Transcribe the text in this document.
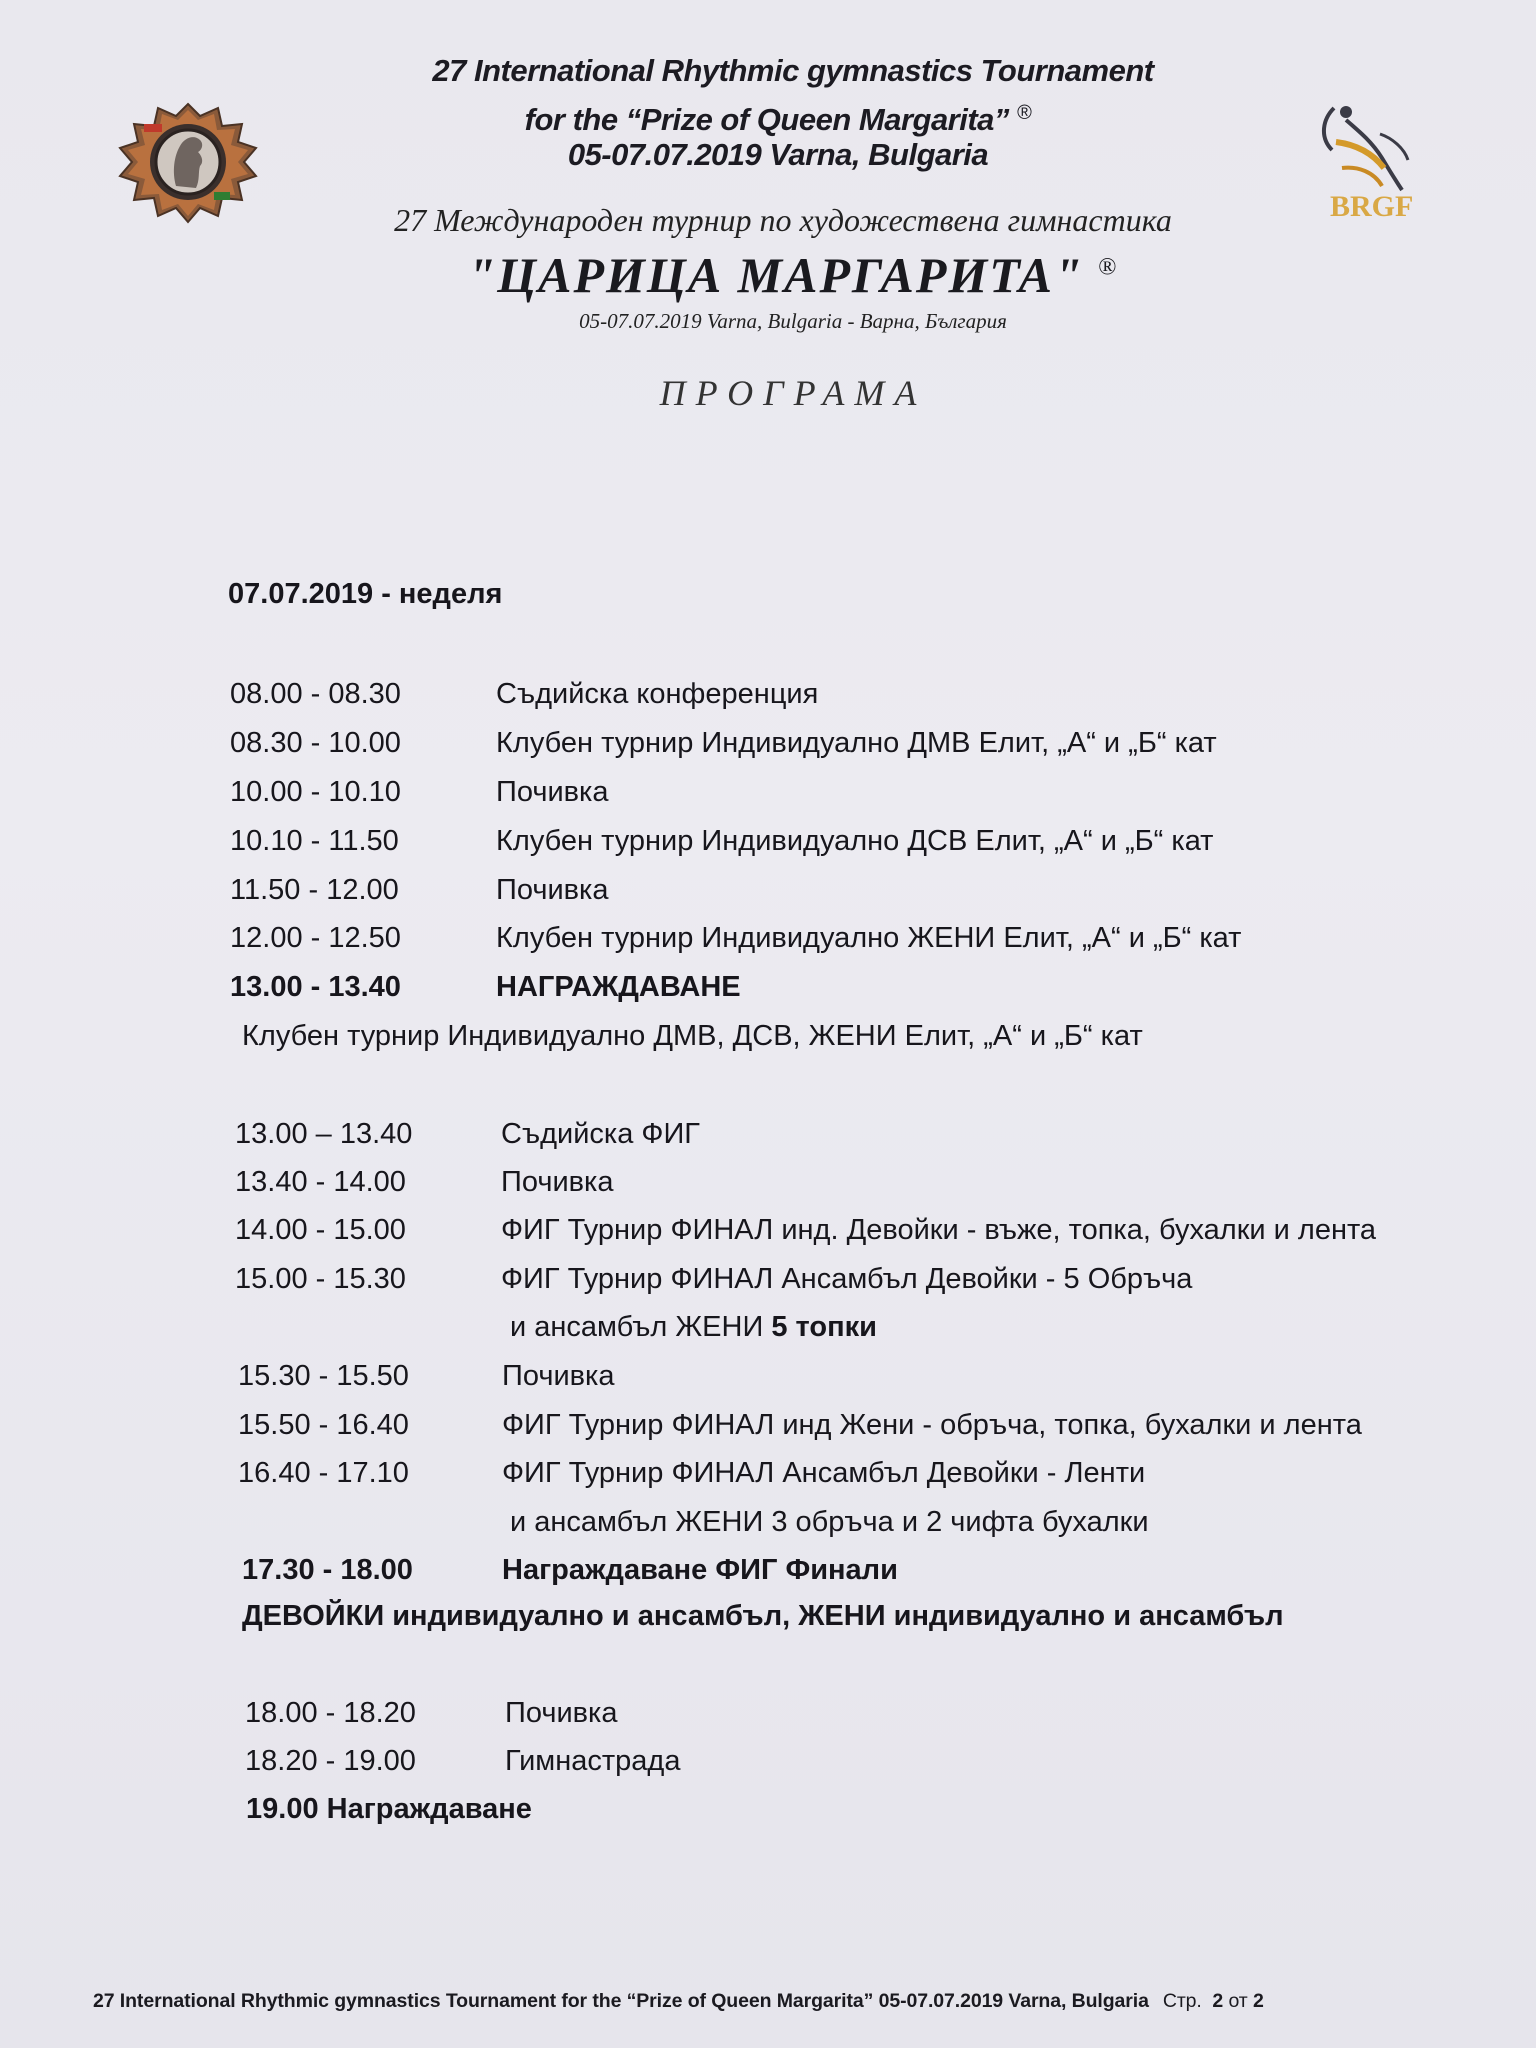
BRGF
27 International Rhythmic gymnastics Tournament
for the “Prize of Queen Margarita” ®
05-07.07.2019 Varna, Bulgaria
27 Международен турнир по художествена гимнастика
"ЦАРИЦА МАРГАРИТА" ®
05-07.07.2019 Varna, Bulgaria - Варна, България
ПРОГРАМА
07.07.2019 - неделя
08.00 - 08.30	Съдийска конференция
08.30 - 10.00	Клубен турнир Индивидуално ДМВ Елит, „А“ и „Б“ кат
10.00 - 10.10	Почивка
10.10 - 11.50	Клубен турнир Индивидуално ДСВ Елит, „А“ и „Б“ кат
11.50 - 12.00	Почивка
12.00 - 12.50	Клубен турнир Индивидуално ЖЕНИ Елит, „А“ и „Б“ кат
13.00 - 13.40	НАГРАЖДАВАНЕ
Клубен турнир Индивидуално ДМВ, ДСВ, ЖЕНИ Елит, „А“ и „Б“ кат
13.00 – 13.40	Съдийска ФИГ
13.40 - 14.00	Почивка
14.00 - 15.00	ФИГ Турнир ФИНАЛ инд. Девойки - въже, топка, бухалки и лента
15.00 - 15.30	ФИГ Турнир ФИНАЛ Ансамбъл Девойки - 5 Обръча
и ансамбъл ЖЕНИ 5 топки
15.30 - 15.50	Почивка
15.50 - 16.40	ФИГ Турнир ФИНАЛ инд Жени - обръча, топка, бухалки и лента
16.40 - 17.10	ФИГ Турнир ФИНАЛ Ансамбъл Девойки - Ленти
и ансамбъл ЖЕНИ 3 обръча и 2 чифта бухалки
17.30 - 18.00	Награждаване ФИГ Финали
ДЕВОЙКИ индивидуално и ансамбъл, ЖЕНИ индивидуално и ансамбъл
18.00 - 18.20	Почивка
18.20 - 19.00	Гимнастрада
19.00 Награждаване
27 International Rhythmic gymnastics Tournament for the “Prize of Queen Margarita” 05-07.07.2019 Varna, Bulgaria Стр. 2 от 2
